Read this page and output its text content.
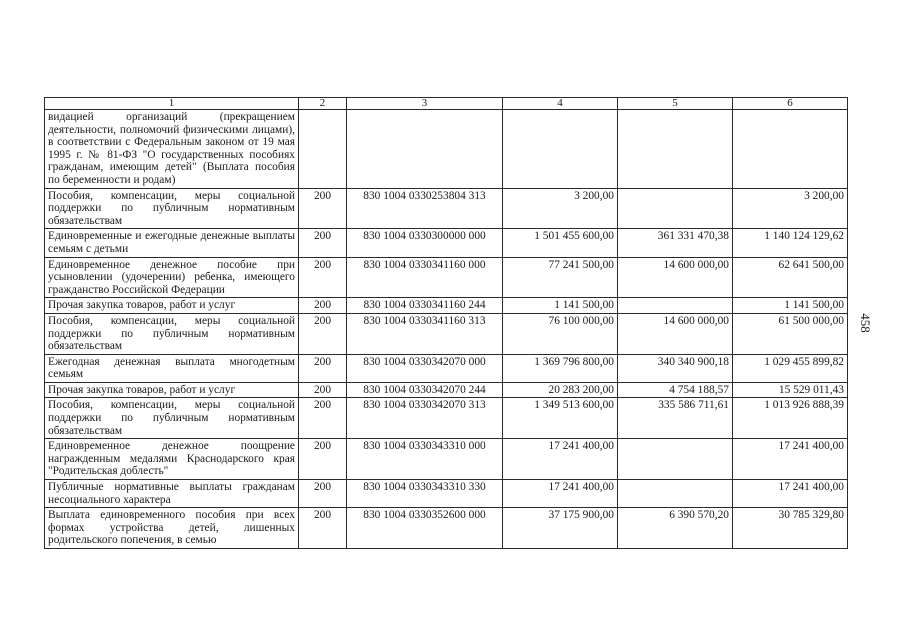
1	2	3	4	5	6
видацией организаций (прекращением деятельности, полномочий физическими лицами), в соответствии с Федеральным законом от 19 мая 1995 г. № 81-ФЗ "О государственных пособиях гражданам, имеющим детей" (Выплата пособия по беременности и родам)					
Пособия, компенсации, меры социальной поддержки по публичным нормативным обязательствам	200	830 1004 0330253804 313	3 200,00		3 200,00
Единовременные и ежегодные денежные выплаты семьям с детьми	200	830 1004 0330300000 000	1 501 455 600,00	361 331 470,38	1 140 124 129,62
Единовременное денежное пособие при усыновлении (удочерении) ребенка, имеющего гражданство Российской Федерации	200	830 1004 0330341160 000	77 241 500,00	14 600 000,00	62 641 500,00
Прочая закупка товаров, работ и услуг	200	830 1004 0330341160 244	1 141 500,00		1 141 500,00
Пособия, компенсации, меры социальной поддержки по публичным нормативным обязательствам	200	830 1004 0330341160 313	76 100 000,00	14 600 000,00	61 500 000,00
Ежегодная денежная выплата многодетным семьям	200	830 1004 0330342070 000	1 369 796 800,00	340 340 900,18	1 029 455 899,82
Прочая закупка товаров, работ и услуг	200	830 1004 0330342070 244	20 283 200,00	4 754 188,57	15 529 011,43
Пособия, компенсации, меры социальной поддержки по публичным нормативным обязательствам	200	830 1004 0330342070 313	1 349 513 600,00	335 586 711,61	1 013 926 888,39
Единовременное денежное поощрение награжденным медалями Краснодарского края "Родительская доблесть"	200	830 1004 0330343310 000	17 241 400,00		17 241 400,00
Публичные нормативные выплаты гражданам несоциального характера	200	830 1004 0330343310 330	17 241 400,00		17 241 400,00
Выплата единовременного пособия при всех формах устройства детей, лишенных родительского попечения, в семью	200	830 1004 0330352600 000	37 175 900,00	6 390 570,20	30 785 329,80
458
